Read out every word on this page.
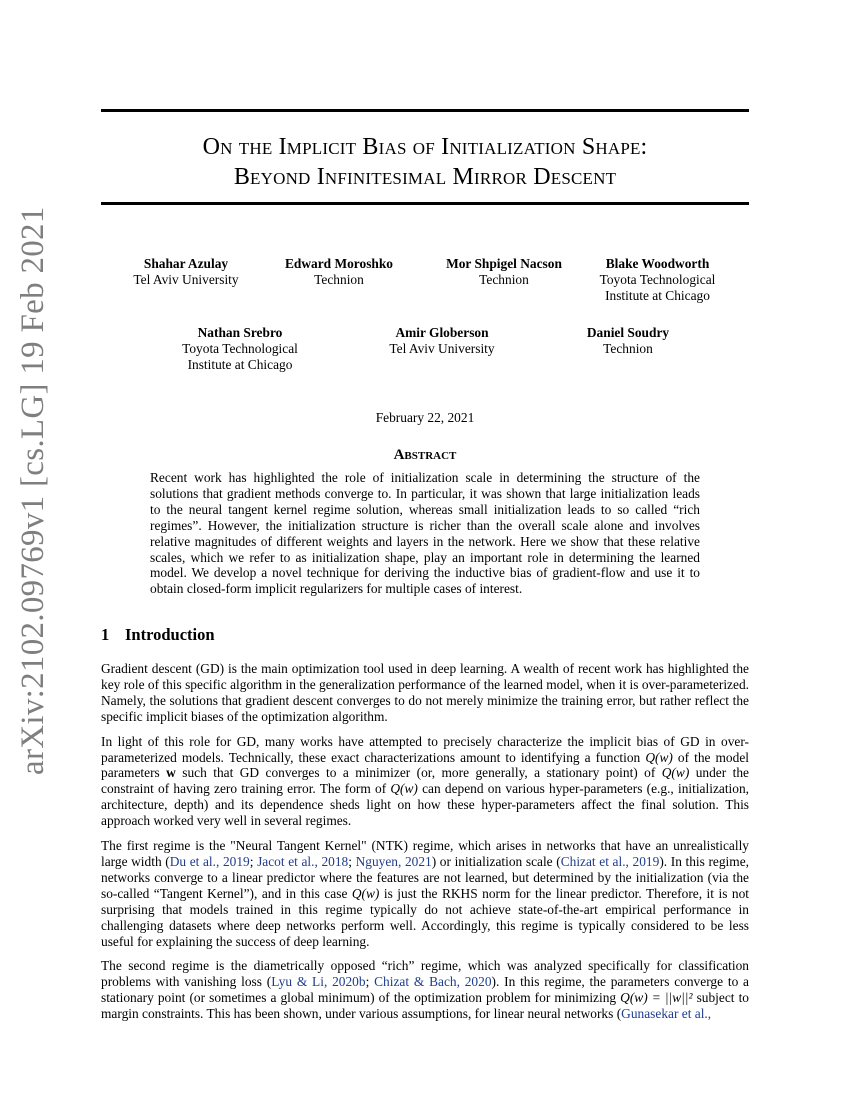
arXiv:2102.09769v1 [cs.LG] 19 Feb 2021
On the Implicit Bias of Initialization Shape:
Beyond Infinitesimal Mirror Descent
Shahar Azulay
Tel Aviv University
Edward Moroshko
Technion
Mor Shpigel Nacson
Technion
Blake Woodworth
Toyota Technological
Institute at Chicago
Nathan Srebro
Toyota Technological
Institute at Chicago
Amir Globerson
Tel Aviv University
Daniel Soudry
Technion
February 22, 2021
Abstract
Recent work has highlighted the role of initialization scale in determining the structure of the solutions that gradient methods converge to. In particular, it was shown that large initialization leads to the neural tangent kernel regime solution, whereas small initialization leads to so called “rich regimes”. However, the initialization structure is richer than the overall scale alone and involves relative magnitudes of different weights and layers in the network. Here we show that these relative scales, which we refer to as initialization shape, play an important role in determining the learned model. We develop a novel technique for deriving the inductive bias of gradient-flow and use it to obtain closed-form implicit regularizers for multiple cases of interest.
1 Introduction

Gradient descent (GD) is the main optimization tool used in deep learning. A wealth of recent work has highlighted the key role of this specific algorithm in the generalization performance of the learned model, when it is over-parameterized. Namely, the solutions that gradient descent converges to do not merely minimize the training error, but rather reflect the specific implicit biases of the optimization algorithm.

In light of this role for GD, many works have attempted to precisely characterize the implicit bias of GD in over-parameterized models. Technically, these exact characterizations amount to identifying a function Q(w) of the model parameters w such that GD converges to a minimizer (or, more generally, a stationary point) of Q(w) under the constraint of having zero training error. The form of Q(w) can depend on various hyper-parameters (e.g., initialization, architecture, depth) and its dependence sheds light on how these hyper-parameters affect the final solution. This approach worked very well in several regimes.

The first regime is the "Neural Tangent Kernel" (NTK) regime, which arises in networks that have an unrealistically large width (Du et al., 2019; Jacot et al., 2018; Nguyen, 2021) or initialization scale (Chizat et al., 2019). In this regime, networks converge to a linear predictor where the features are not learned, but determined by the initialization (via the so-called “Tangent Kernel”), and in this case Q(w) is just the RKHS norm for the linear predictor. Therefore, it is not surprising that models trained in this regime typically do not achieve state-of-the-art empirical performance in challenging datasets where deep networks perform well. Accordingly, this regime is typically considered to be less useful for explaining the success of deep learning.

The second regime is the diametrically opposed “rich” regime, which was analyzed specifically for classification problems with vanishing loss (Lyu & Li, 2020b; Chizat & Bach, 2020). In this regime, the parameters converge to a stationary point (or sometimes a global minimum) of the optimization problem for minimizing Q(w) = ||w||² subject to margin constraints. This has been shown, under various assumptions, for linear neural networks (Gunasekar et al.,
